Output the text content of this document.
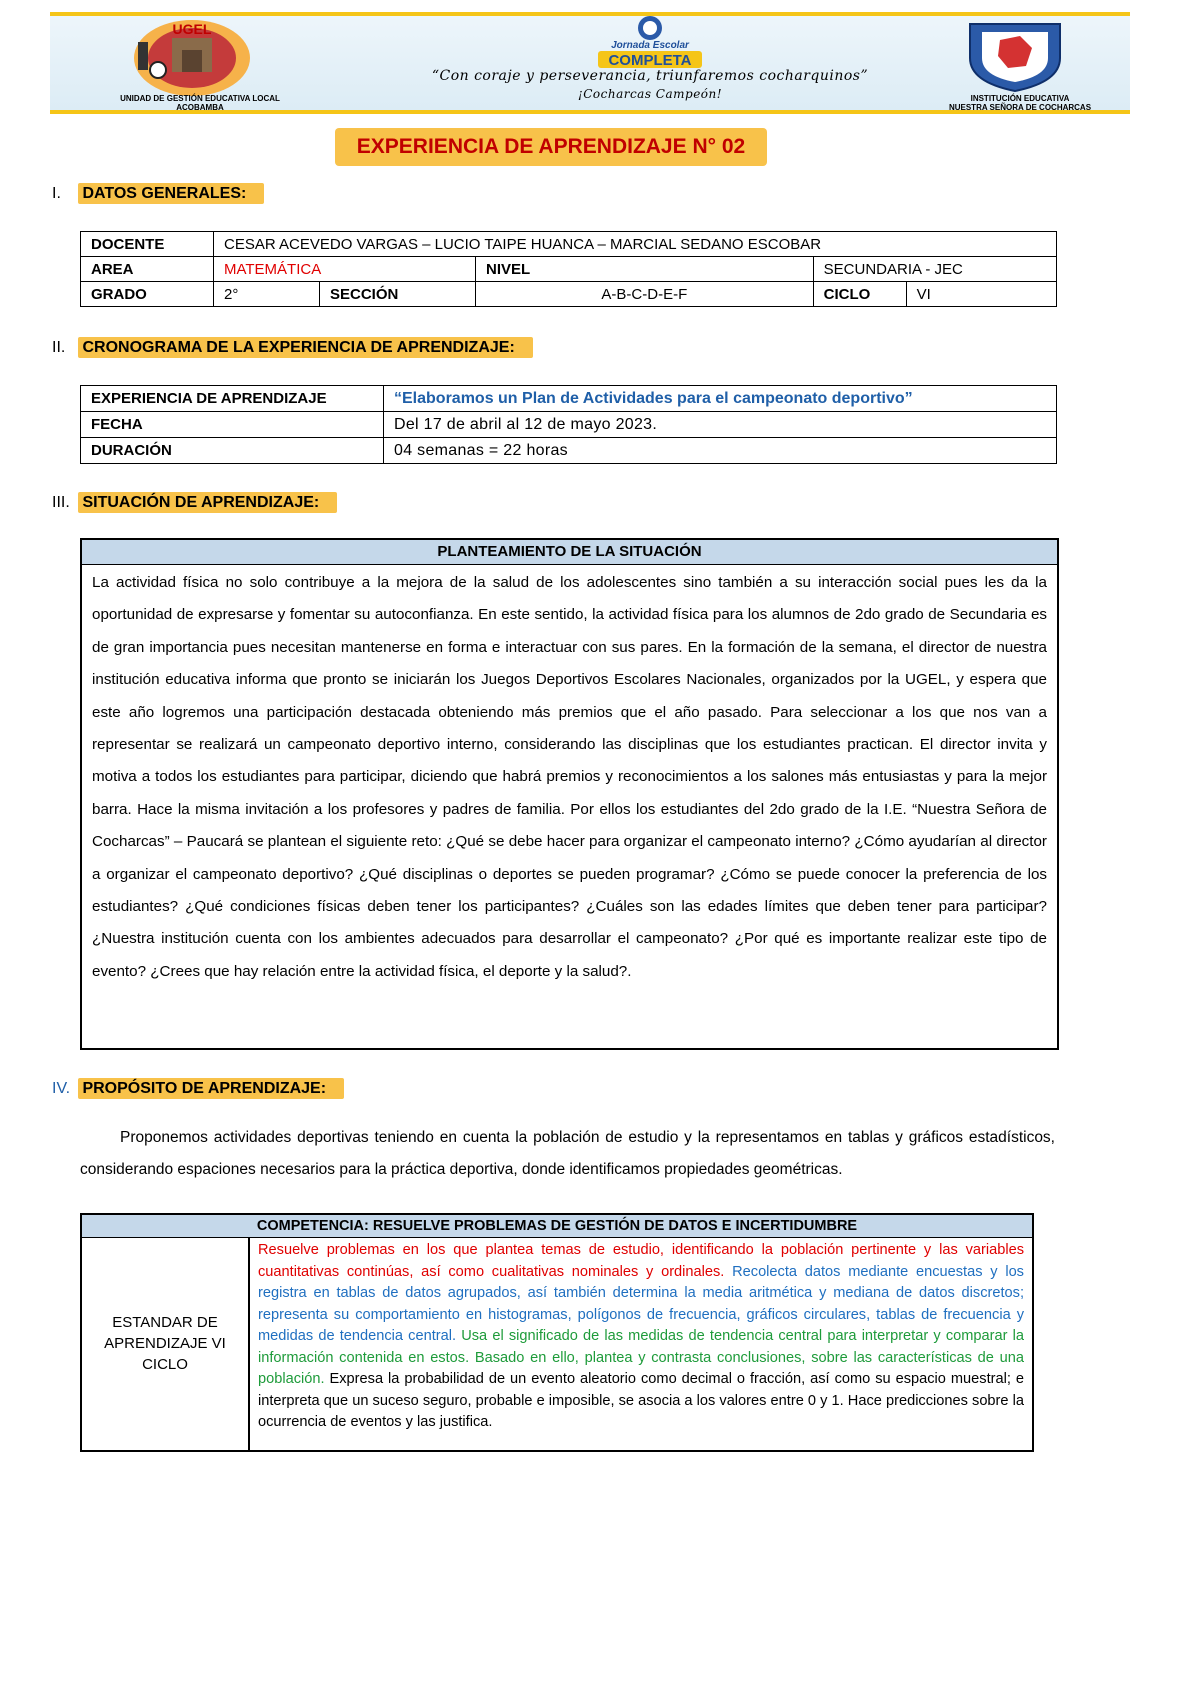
UGEL
UNIDAD DE GESTIÓN EDUCATIVA LOCAL
ACOBAMBA
Jornada Escolar
COMPLETA
“Con coraje y perseverancia, triunfaremos cocharquinos”
¡Cocharcas Campeón!	INSTITUCIÓN EDUCATIVA
NUESTRA SEÑORA DE COCHARCAS
EXPERIENCIA DE APRENDIZAJE N° 02
I. DATOS GENERALES:
DOCENTE	CESAR ACEVEDO VARGAS – LUCIO TAIPE HUANCA – MARCIAL SEDANO ESCOBAR				
AREA	MATEMÁTICA		NIVEL	SECUNDARIA - JEC	
GRADO	2°	SECCIÓN	A-B-C-D-E-F	CICLO	VI
II. CRONOGRAMA DE LA EXPERIENCIA DE APRENDIZAJE:
EXPERIENCIA DE APRENDIZAJE	“Elaboramos un Plan de Actividades para el campeonato deportivo”
FECHA	Del 17 de abril al 12 de mayo 2023.
DURACIÓN	04 semanas = 22 horas
III. SITUACIÓN DE APRENDIZAJE:
PLANTEAMIENTO DE LA SITUACIÓN
La actividad física no solo contribuye a la mejora de la salud de los adolescentes sino también a su interacción social pues les da la oportunidad de expresarse y fomentar su autoconfianza. En este sentido, la actividad física para los alumnos de 2do grado de Secundaria es de gran importancia pues necesitan mantenerse en forma e interactuar con sus pares. En la formación de la semana, el director de nuestra institución educativa informa que pronto se iniciarán los Juegos Deportivos Escolares Nacionales, organizados por la UGEL, y espera que este año logremos una participación destacada obteniendo más premios que el año pasado. Para seleccionar a los que nos van a representar se realizará un campeonato deportivo interno, considerando las disciplinas que los estudiantes practican. El director invita y motiva a todos los estudiantes para participar, diciendo que habrá premios y reconocimientos a los salones más entusiastas y para la mejor barra. Hace la misma invitación a los profesores y padres de familia. Por ellos los estudiantes del 2do grado de la I.E. “Nuestra Señora de Cocharcas” – Paucará se plantean el siguiente reto: ¿Qué se debe hacer para organizar el campeonato interno? ¿Cómo ayudarían al director a organizar el campeonato deportivo? ¿Qué disciplinas o deportes se pueden programar? ¿Cómo se puede conocer la preferencia de los estudiantes? ¿Qué condiciones físicas deben tener los participantes? ¿Cuáles son las edades límites que deben tener para participar? ¿Nuestra institución cuenta con los ambientes adecuados para desarrollar el campeonato? ¿Por qué es importante realizar este tipo de evento? ¿Crees que hay relación entre la actividad física, el deporte y la salud?.
IV. PROPÓSITO DE APRENDIZAJE:
Proponemos actividades deportivas teniendo en cuenta la población de estudio y la representamos en tablas y gráficos estadísticos, considerando espaciones necesarios para la práctica deportiva, donde identificamos propiedades geométricas.
COMPETENCIA: RESUELVE PROBLEMAS DE GESTIÓN DE DATOS E INCERTIDUMBRE
ESTANDAR DE APRENDIZAJE VI CICLO
Resuelve problemas en los que plantea temas de estudio, identificando la población pertinente y las variables cuantitativas continúas, así como cualitativas nominales y ordinales. Recolecta datos mediante encuestas y los registra en tablas de datos agrupados, así también determina la media aritmética y mediana de datos discretos; representa su comportamiento en histogramas, polígonos de frecuencia, gráficos circulares, tablas de frecuencia y medidas de tendencia central. Usa el significado de las medidas de tendencia central para interpretar y comparar la información contenida en estos. Basado en ello, plantea y contrasta conclusiones, sobre las características de una población. Expresa la probabilidad de un evento aleatorio como decimal o fracción, así como su espacio muestral; e interpreta que un suceso seguro, probable e imposible, se asocia a los valores entre 0 y 1. Hace predicciones sobre la ocurrencia de eventos y las justifica.
